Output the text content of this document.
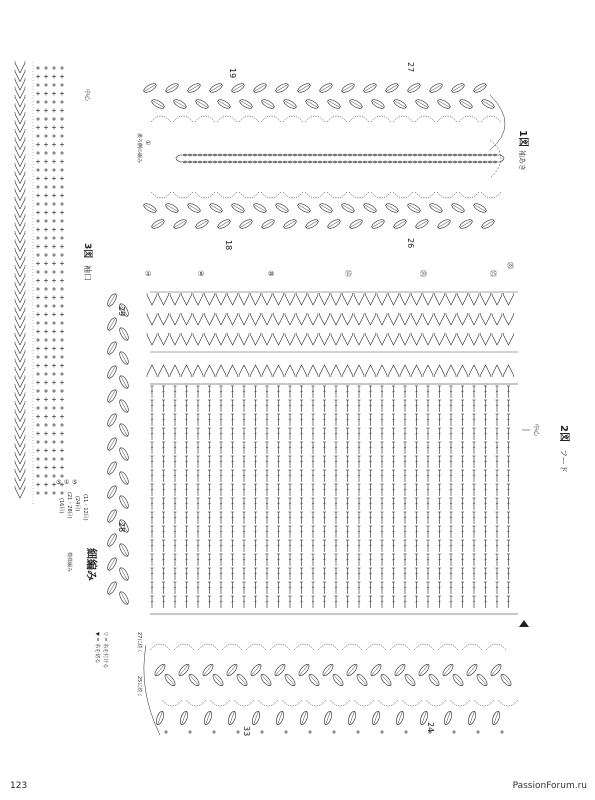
1図
袖あき
19
27
18	26
後ろ側の編み ①
2図
フード
中心
①	⑤	⑩	⑮	⑳	㉕
㉘
29
28
33	24
27に続く
25に続く
3図
袖口
中心
(16目) (21・28目) (24目) (11・12目)
⑤ ① ⑤
細編み
模様編み
▽ = 糸を付ける
▼ = 糸を切る
123	PassionForum.ru
